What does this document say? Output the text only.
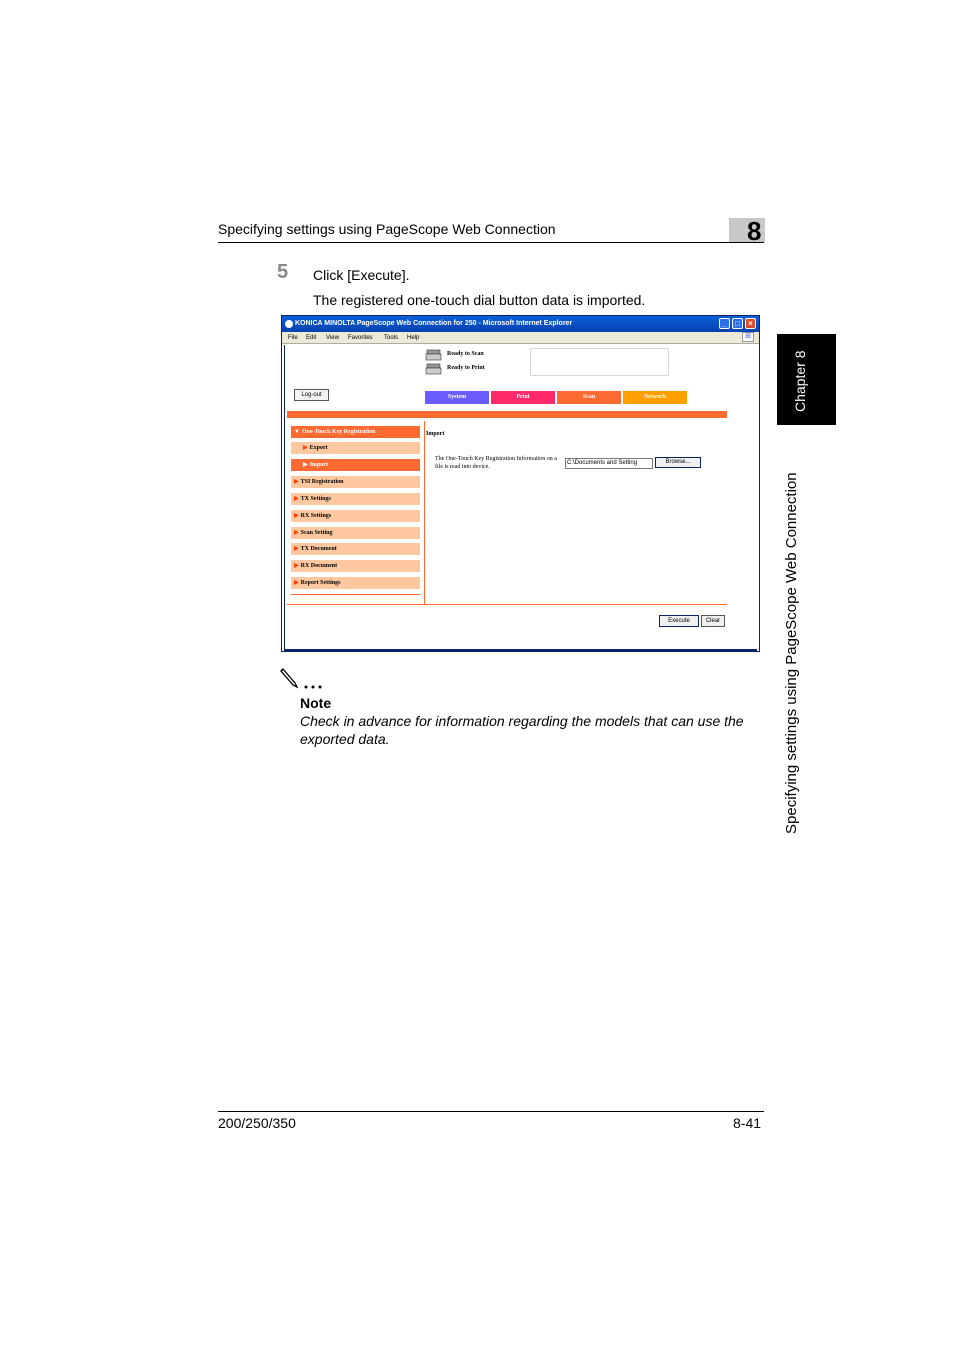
Specifying settings using PageScope Web Connection	8
Chapter 8
Specifying settings using PageScope Web Connection
5 Click [Execute].
The registered one-touch dial button data is imported.
KONICA MINOLTA PageScope Web Connection for 250 - Microsoft Internet Explorer	_	□	×
File Edit View Favorites Tools Help	⊞
Ready to Scan
Ready to Print
Log-out	System	Print	Scan	Network
▼ One-Touch Key Registration
▶ Export
▶ Import
▶ TSI Registration
▶ TX Settings
▶ RX Settings
▶ Scan Setting
▶ TX Document
▶ RX Document
▶ Report Settings
Import
The One-Touch Key Registration Information on a file is read into device.
C:\Documents and Setting	Browse...
Execute	Clear
Note
Check in advance for information regarding the models that can use the exported data.
200/250/350	8-41
